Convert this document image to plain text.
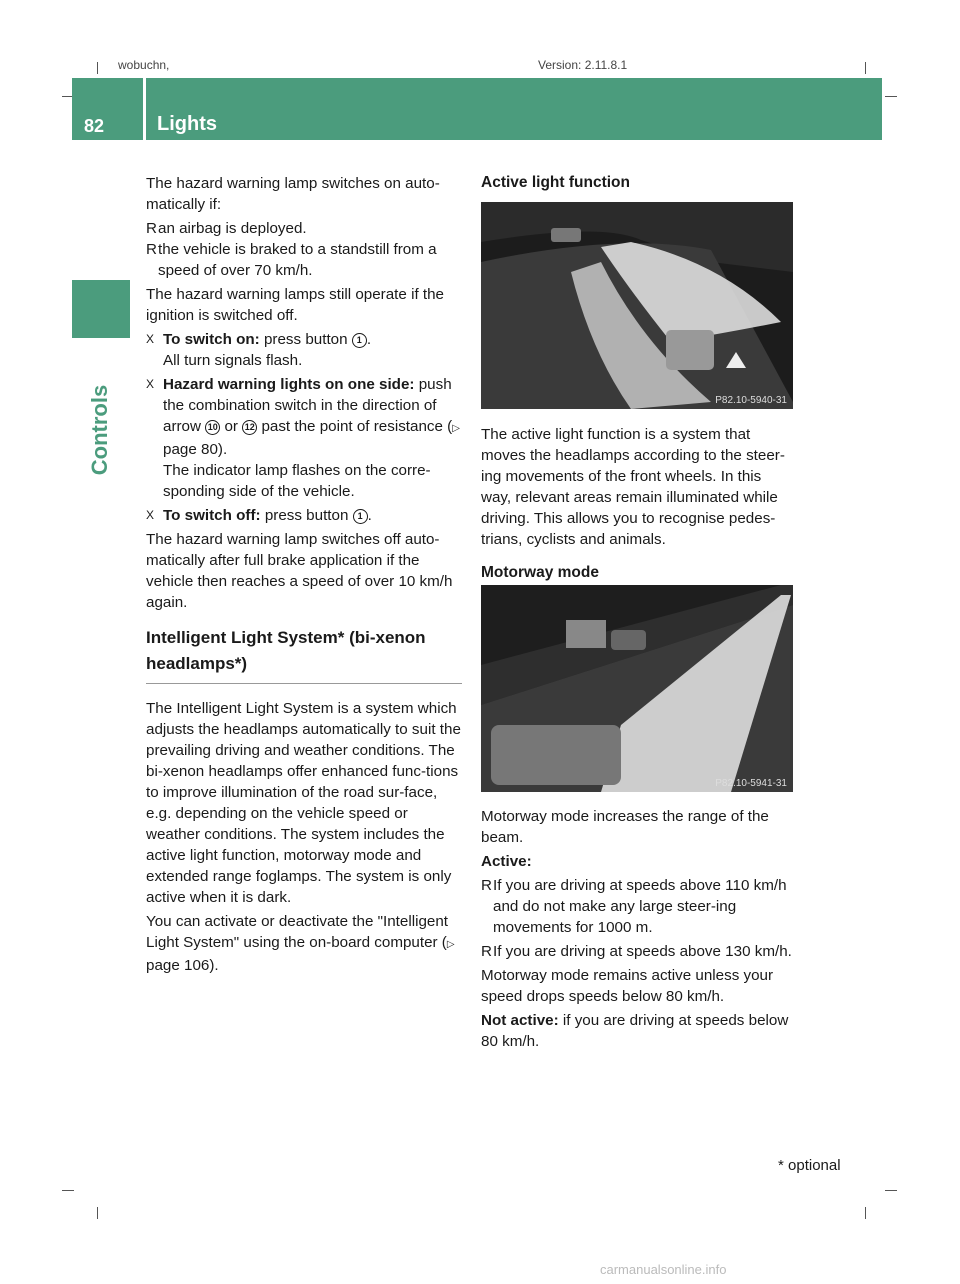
wobuchn,	Version: 2.11.8.1
82	Lights
Controls

The hazard warning lamp switches on auto-matically if:

R an airbag is deployed.
R the vehicle is braked to a standstill from a speed of over 70 km/h.

The hazard warning lamps still operate if the ignition is switched off.

X To switch on: press button 1 .
All turn signals flash.
X Hazard warning lights on one side: push the combination switch in the direction of arrow 10 or 12 past the point of resistance (▷ page 80).
The indicator lamp flashes on the corre-sponding side of the vehicle.
X To switch off: press button 1 .

The hazard warning lamp switches off auto-matically after full brake application if the vehicle then reaches a speed of over 10 km/h again.

Intelligent Light System* (bi-xenon headlamps*)

The Intelligent Light System is a system which adjusts the headlamps automatically to suit the prevailing driving and weather conditions. The bi-xenon headlamps offer enhanced func-tions to improve illumination of the road sur-face, e.g. depending on the vehicle speed or weather conditions. The system includes the active light function, motorway mode and extended range foglamps. The system is only active when it is dark.

You can activate or deactivate the "Intelligent Light System" using the on-board computer (▷ page 106).

Active light function
P82.10-5940-31

The active light function is a system that moves the headlamps according to the steer-ing movements of the front wheels. In this way, relevant areas remain illuminated while driving. This allows you to recognise pedes-trians, cyclists and animals.

Motorway mode
P82.10-5941-31

Motorway mode increases the range of the beam.

Active:

R If you are driving at speeds above 110 km/h and do not make any large steer-ing movements for 1000 m.
R If you are driving at speeds above 130 km/h.

Motorway mode remains active unless your speed drops speeds below 80 km/h.

Not active: if you are driving at speeds below 80 km/h.

* optional
carmanualsonline.info
